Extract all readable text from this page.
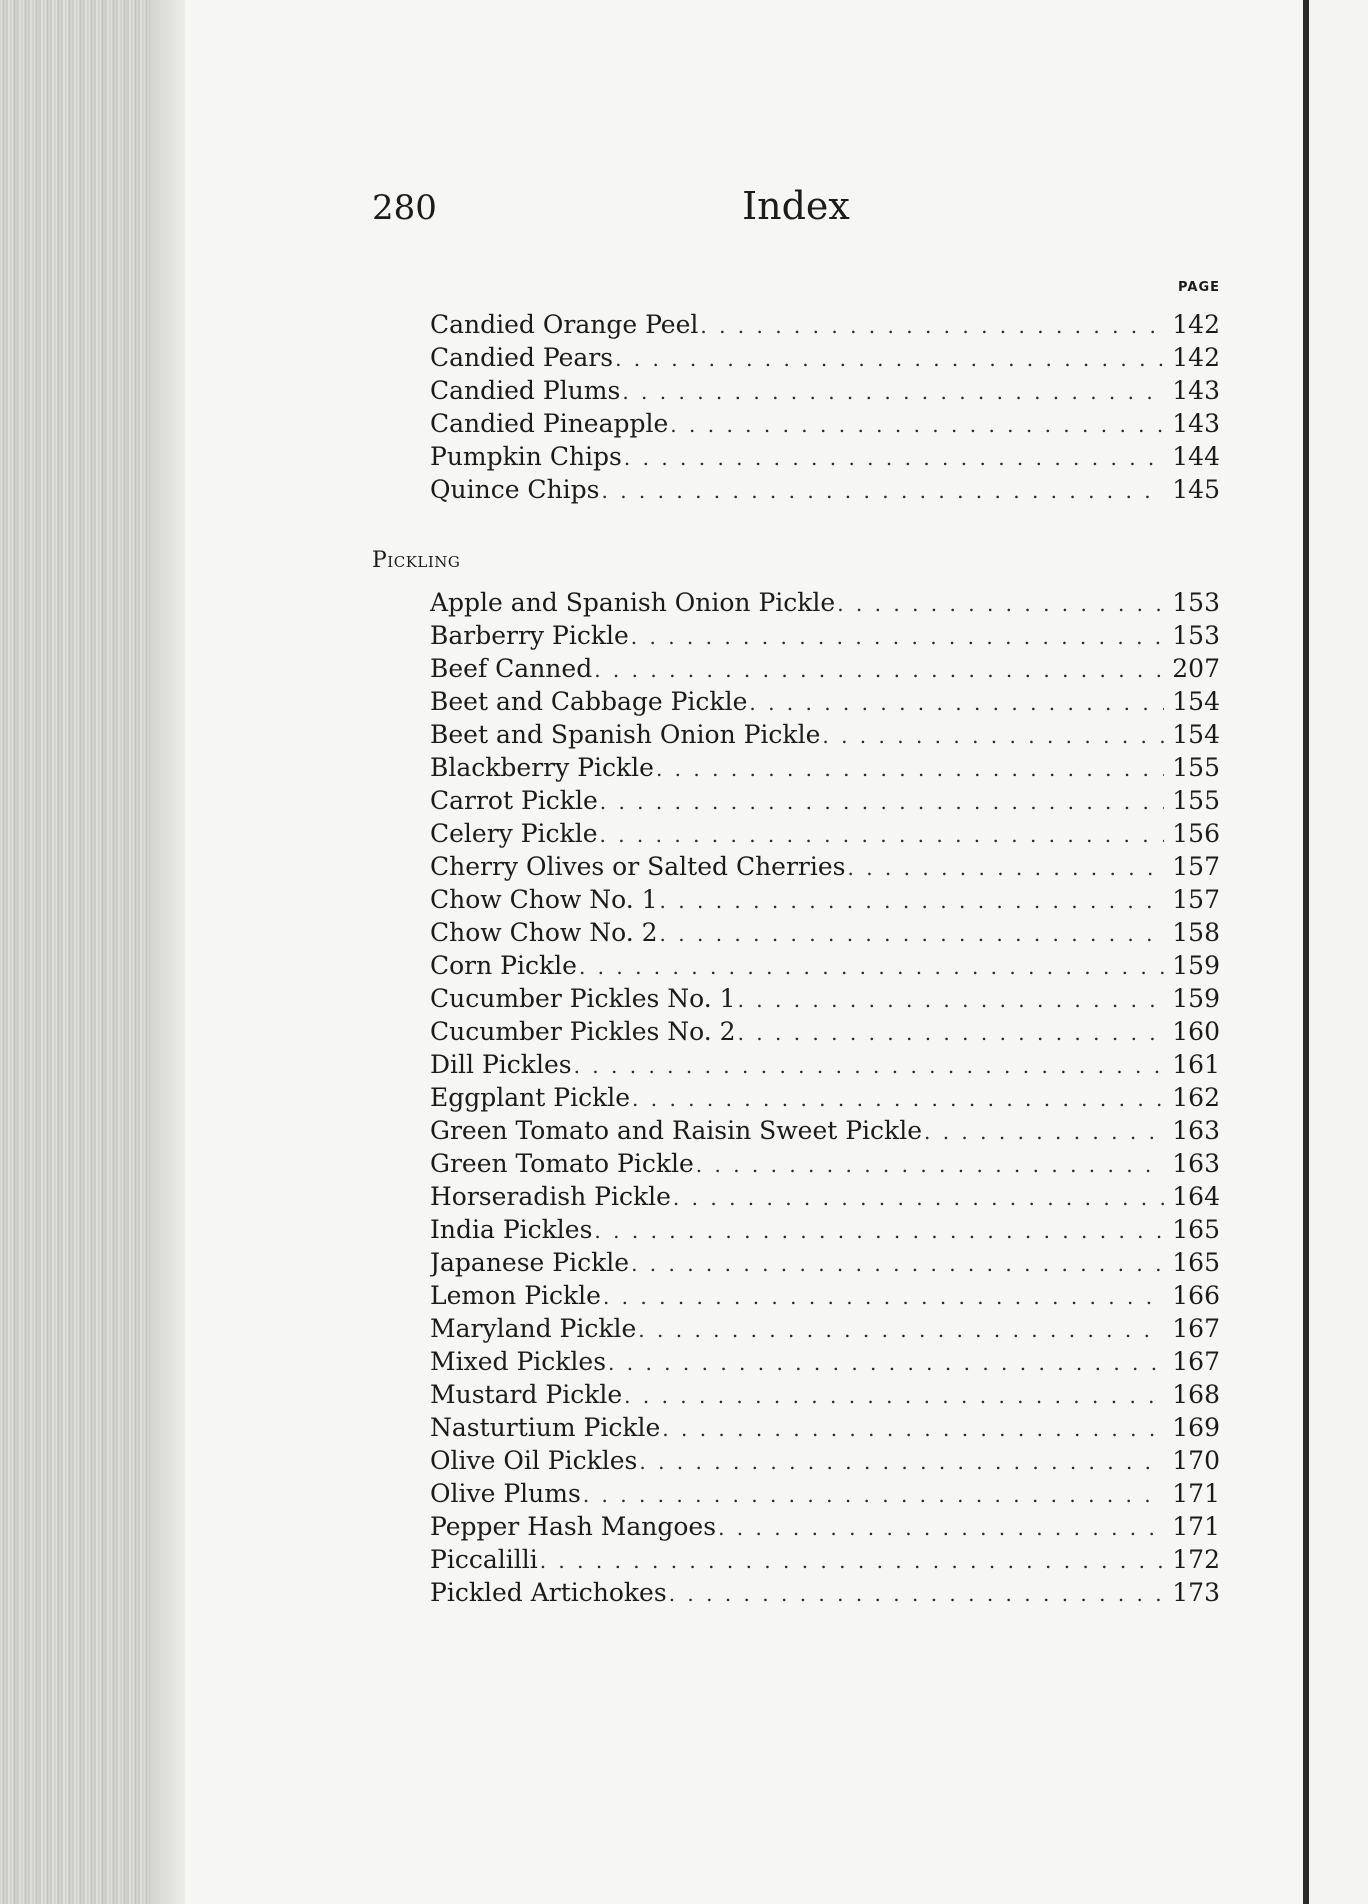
280	Index
PAGE
Candied Orange Peel . . .	142
Candied Pears . . .	142
Candied Plums . . .	143
Candied Pineapple . . .	143
Pumpkin Chips . . .	144
Quince Chips . . .	145
Pickling
Apple and Spanish Onion Pickle . . .	153
Barberry Pickle . . .	153
Beef Canned . . .	207
Beet and Cabbage Pickle . . .	154
Beet and Spanish Onion Pickle . . .	154
Blackberry Pickle . . .	155
Carrot Pickle . . .	155
Celery Pickle . . .	156
Cherry Olives or Salted Cherries . . .	157
Chow Chow No. 1 . . .	157
Chow Chow No. 2 . . .	158
Corn Pickle . . .	159
Cucumber Pickles No. 1 . . .	159
Cucumber Pickles No. 2 . . .	160
Dill Pickles . . .	161
Eggplant Pickle . . .	162
Green Tomato and Raisin Sweet Pickle . . .	163
Green Tomato Pickle . . .	163
Horseradish Pickle . . .	164
India Pickles . . .	165
Japanese Pickle . . .	165
Lemon Pickle . . .	166
Maryland Pickle . . .	167
Mixed Pickles . . .	167
Mustard Pickle . . .	168
Nasturtium Pickle . . .	169
Olive Oil Pickles . . .	170
Olive Plums . . .	171
Pepper Hash Mangoes . . .	171
Piccalilli . . .	172
Pickled Artichokes . . .	173
